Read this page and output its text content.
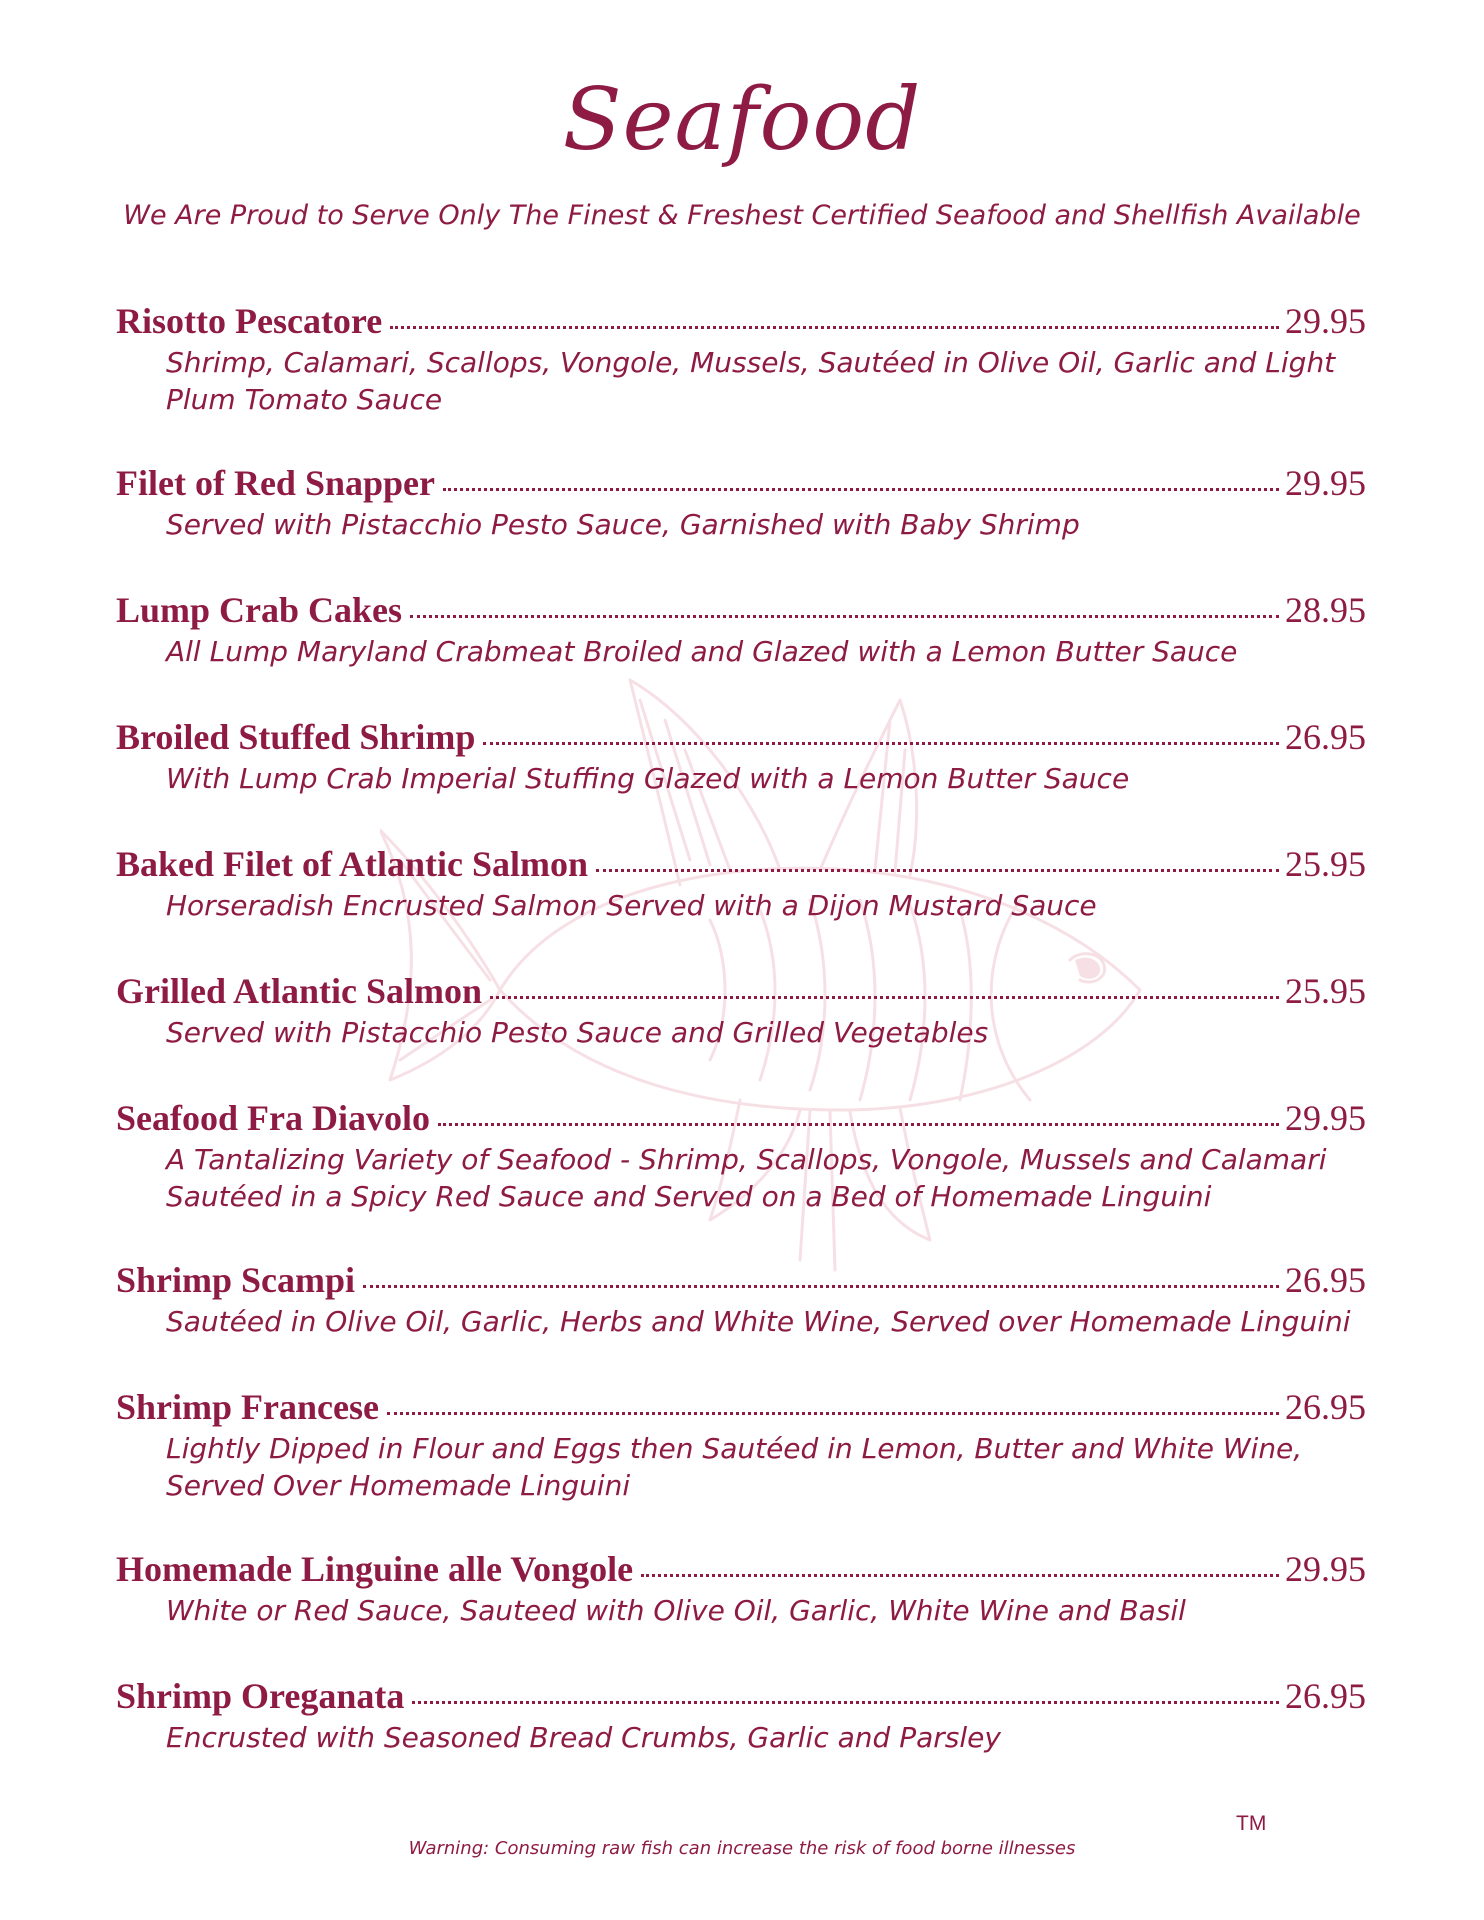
Seafood
We Are Proud to Serve Only The Finest & Freshest Certified Seafood and Shellfish Available
Risotto Pescatore	29.95
Shrimp, Calamari, Scallops, Vongole, Mussels, Sautéed in Olive Oil, Garlic and Light
Plum Tomato Sauce
Filet of Red Snapper	29.95
Served with Pistacchio Pesto Sauce, Garnished with Baby Shrimp
Lump Crab Cakes	28.95
All Lump Maryland Crabmeat Broiled and Glazed with a Lemon Butter Sauce
Broiled Stuffed Shrimp	26.95
With Lump Crab Imperial Stuffing Glazed with a Lemon Butter Sauce
Baked Filet of Atlantic Salmon	25.95
Horseradish Encrusted Salmon Served with a Dijon Mustard Sauce
Grilled Atlantic Salmon	25.95
Served with Pistacchio Pesto Sauce and Grilled Vegetables
Seafood Fra Diavolo	29.95
A Tantalizing Variety of Seafood - Shrimp, Scallops, Vongole, Mussels and Calamari
Sautéed in a Spicy Red Sauce and Served on a Bed of Homemade Linguini
Shrimp Scampi	26.95
Sautéed in Olive Oil, Garlic, Herbs and White Wine, Served over Homemade Linguini
Shrimp Francese	26.95
Lightly Dipped in Flour and Eggs then Sautéed in Lemon, Butter and White Wine,
Served Over Homemade Linguini
Homemade Linguine alle Vongole	29.95
White or Red Sauce, Sauteed with Olive Oil, Garlic, White Wine and Basil
Shrimp Oreganata	26.95
Encrusted with Seasoned Bread Crumbs, Garlic and Parsley
TM
Warning: Consuming raw fish can increase the risk of food borne illnesses
